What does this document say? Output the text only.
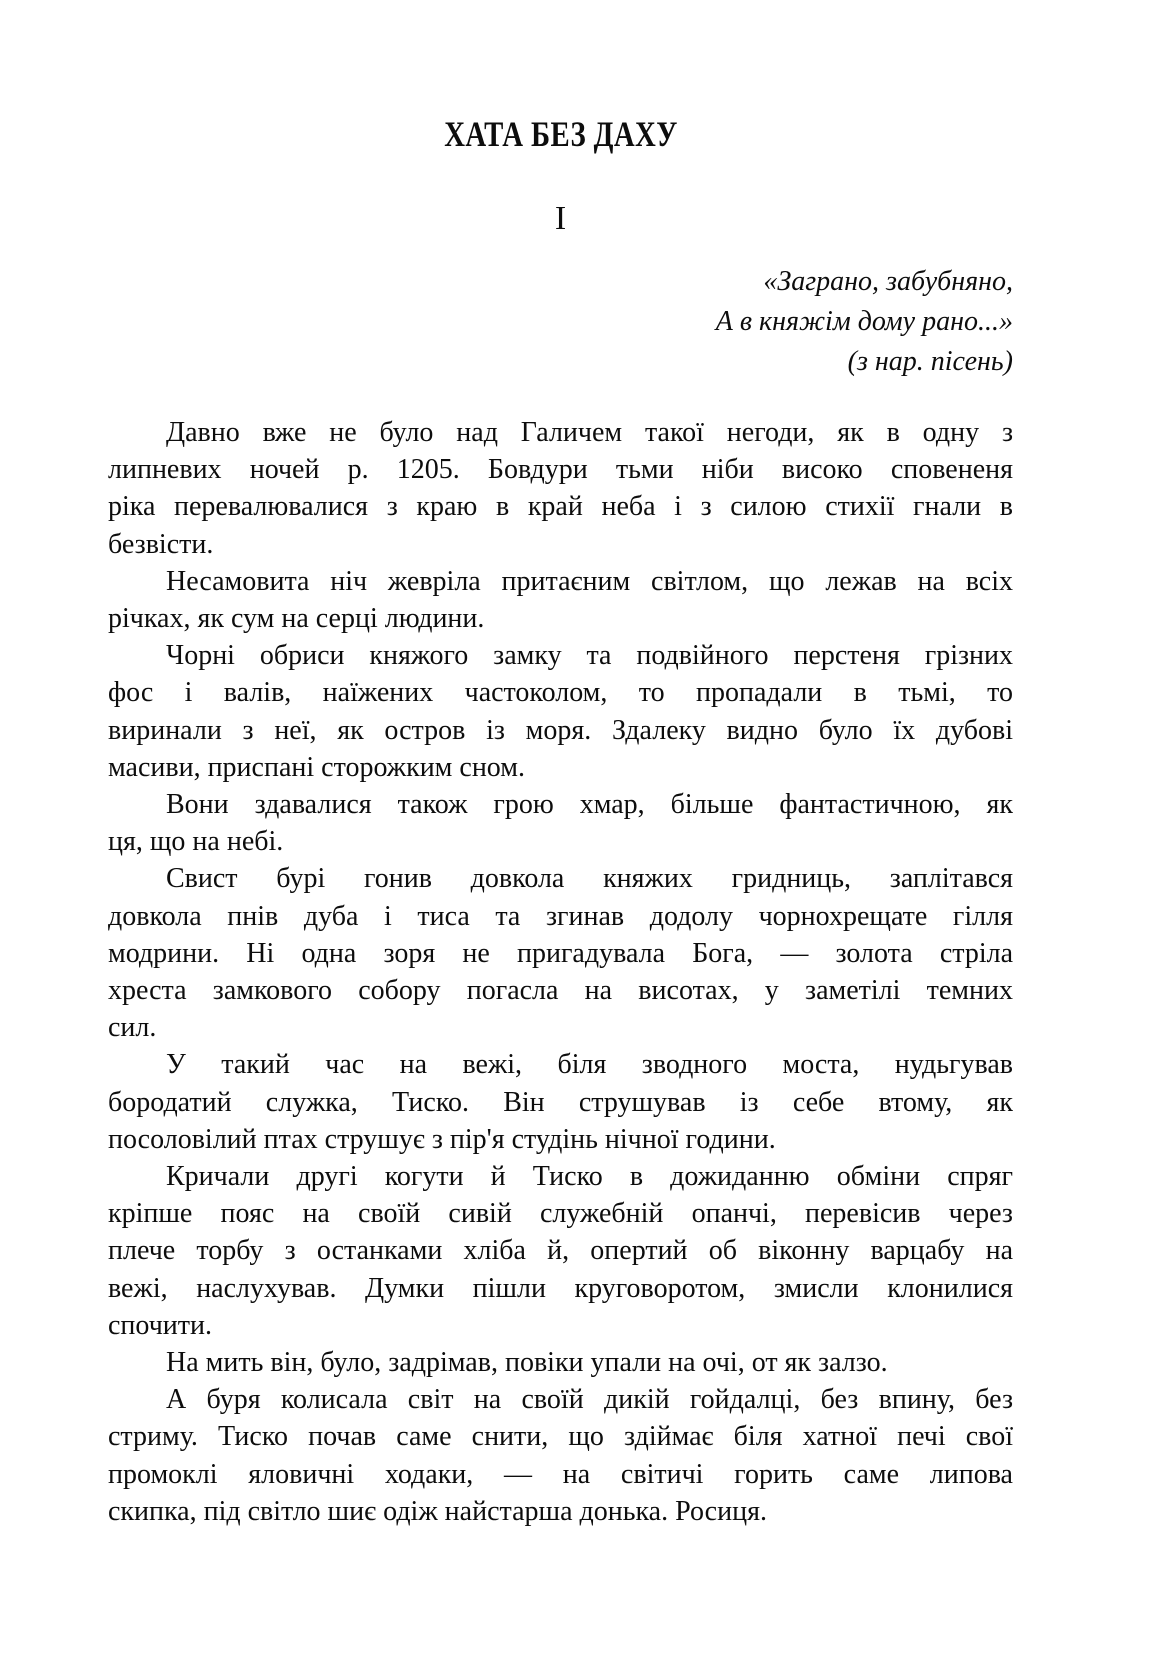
ХАТА БЕЗ ДАХУ
I
«Заграно, забубняно,
А в княжім дому рано...»
(з нар. пісень)
Давно вже не було над Галичем такої негоди, як в одну з
липневих ночей р. 1205. Бовдури тьми ніби високо сповененя
ріка перевалювалися з краю в край неба і з силою стихії гнали в
безвісти.
Несамовита ніч жевріла притаєним світлом, що лежав на всіх
річках, як сум на серці людини.
Чорні обриси княжого замку та подвійного перстеня грізних
фос і валів, наїжених частоколом, то пропадали в тьмі, то
виринали з неї, як остров із моря. Здалеку видно було їх дубові
масиви, приспані сторожким сном.
Вони здавалися також грою хмар, більше фантастичною, як
ця, що на небі.
Свист бурі гонив довкола княжих гридниць, заплітався
довкола пнів дуба і тиса та згинав додолу чорнохрещате гілля
модрини. Ні одна зоря не пригадувала Бога, — золота стріла
хреста замкового собору погасла на висотах, у заметілі темних
сил.
У такий час на вежі, біля зводного моста, нудьгував
бородатий служка, Тиско. Він струшував із себе втому, як
посоловілий птах струшує з пір'я студінь нічної години.
Кричали другі когути й Тиско в дожиданню обміни спряг
кріпше пояс на своїй сивій служебній опанчі, перевісив через
плече торбу з останками хліба й, опертий об віконну варцабу на
вежі, наслухував. Думки пішли круговоротом, змисли клонилися
спочити.
На мить він, було, задрімав, повіки упали на очі, от як залзо.
А буря колисала світ на своїй дикій гойдалці, без впину, без
стриму. Тиско почав саме снити, що здіймає біля хатної печі свої
промоклі яловичні ходаки, — на світичі горить саме липова
скипка, під світло шиє одіж найстарша донька. Росиця.
